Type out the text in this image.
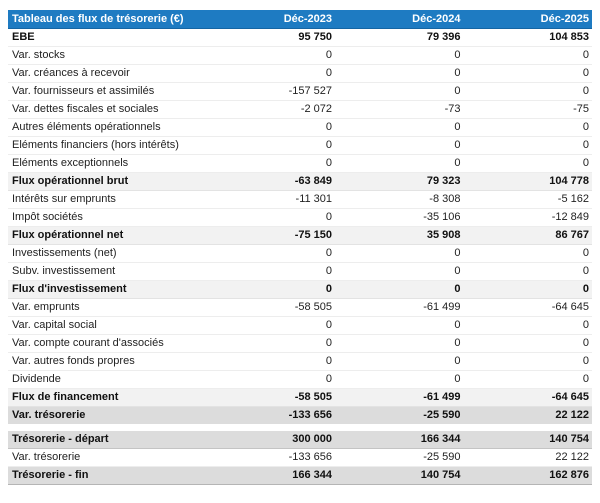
Tableau des flux de trésorerie (€)	Déc-2023	Déc-2024	Déc-2025
EBE	95 750	79 396	104 853
Var. stocks	0	0	0
Var. créances à recevoir	0	0	0
Var. fournisseurs et assimilés	-157 527	0	0
Var. dettes fiscales et sociales	-2 072	-73	-75
Autres éléments opérationnels	0	0	0
Eléments financiers (hors intérêts)	0	0	0
Eléments exceptionnels	0	0	0
Flux opérationnel brut	-63 849	79 323	104 778
Intérêts sur emprunts	-11 301	-8 308	-5 162
Impôt sociétés	0	-35 106	-12 849
Flux opérationnel net	-75 150	35 908	86 767
Investissements (net)	0	0	0
Subv. investissement	0	0	0
Flux d'investissement	0	0	0
Var. emprunts	-58 505	-61 499	-64 645
Var. capital social	0	0	0
Var. compte courant d'associés	0	0	0
Var. autres fonds propres	0	0	0
Dividende	0	0	0
Flux de financement	-58 505	-61 499	-64 645
Var. trésorerie	-133 656	-25 590	22 122
Trésorerie - départ	300 000	166 344	140 754
Var. trésorerie	-133 656	-25 590	22 122
Trésorerie - fin	166 344	140 754	162 876
